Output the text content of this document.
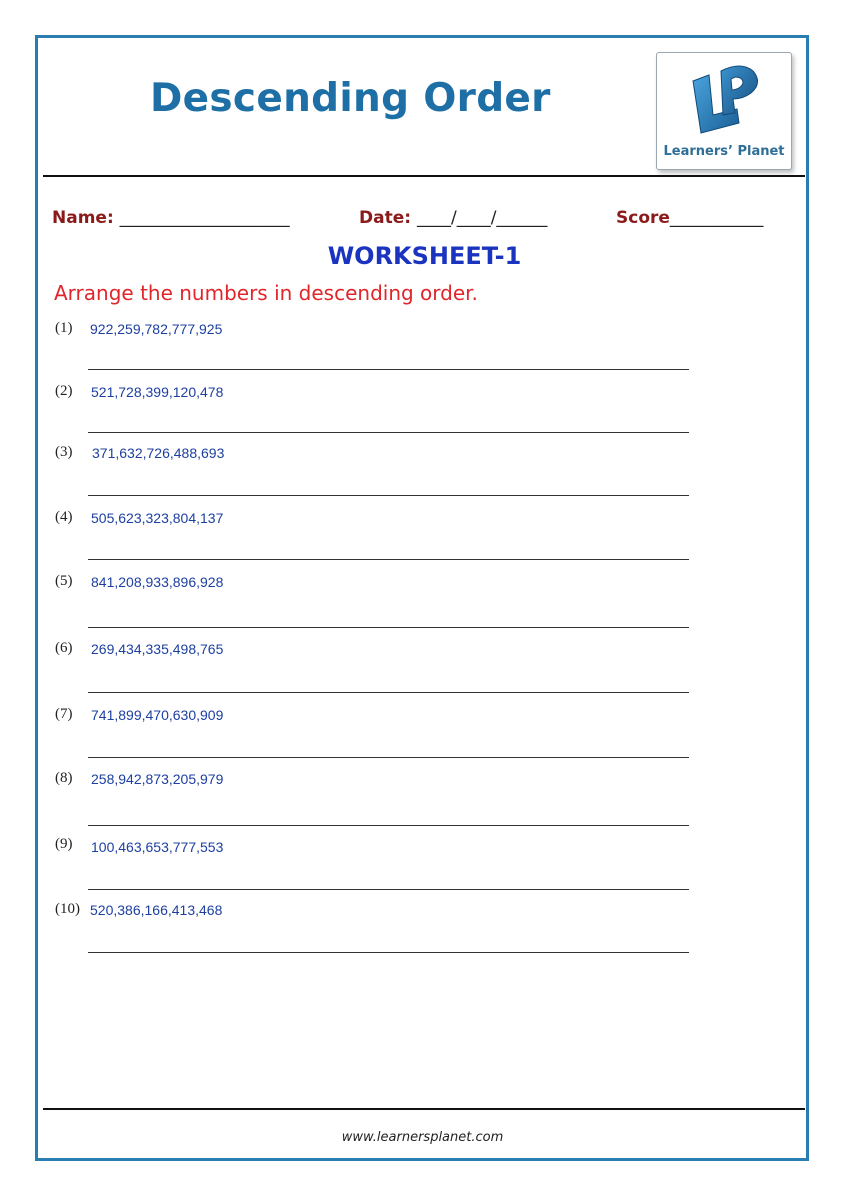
Descending Order
Learners’ Planet
Name: ____________________	Date: ____/____/______	Score___________
WORKSHEET-1
Arrange the numbers in descending order.
(1) 922,259,782,777,925
(2) 521,728,399,120,478
(3) 371,632,726,488,693
(4) 505,623,323,804,137
(5) 841,208,933,896,928
(6) 269,434,335,498,765
(7) 741,899,470,630,909
(8) 258,942,873,205,979
(9) 100,463,653,777,553
(10) 520,386,166,413,468
www.learnersplanet.com
